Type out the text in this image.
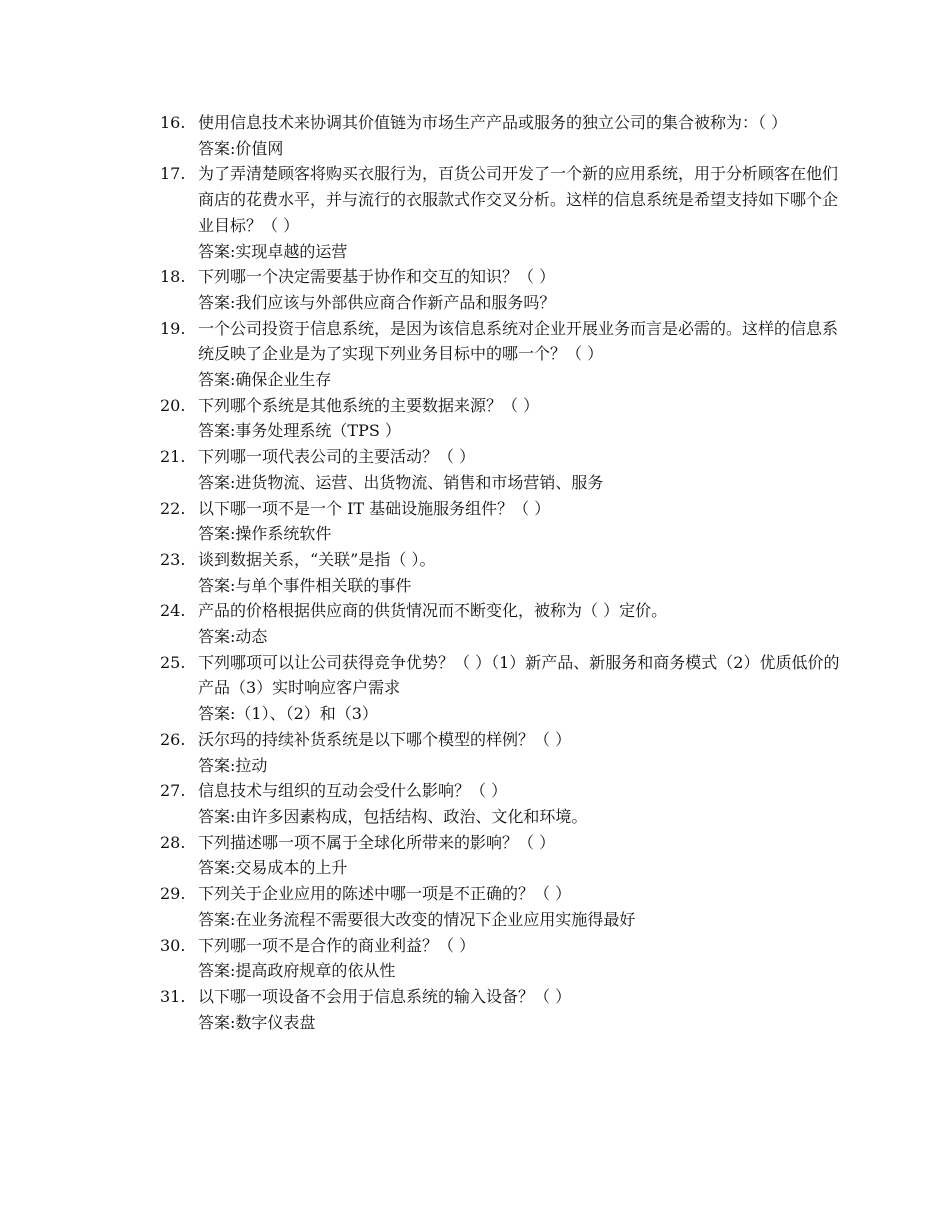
16. 使用信息技术来协调其价值链为市场生产产品或服务的独立公司的集合被称为：（ ）
答案:价值网
17. 为了弄清楚顾客将购买衣服行为，百货公司开发了一个新的应用系统，用于分析顾客在他们商店的花费水平，并与流行的衣服款式作交叉分析。这样的信息系统是希望支持如下哪个企业目标？（ ）
答案:实现卓越的运营
18. 下列哪一个决定需要基于协作和交互的知识？（ ）
答案:我们应该与外部供应商合作新产品和服务吗？
19. 一个公司投资于信息系统，是因为该信息系统对企业开展业务而言是必需的。这样的信息系统反映了企业是为了实现下列业务目标中的哪一个？（ ）
答案:确保企业生存
20. 下列哪个系统是其他系统的主要数据来源？（ ）
答案:事务处理系统（TPS ）
21. 下列哪一项代表公司的主要活动？（ ）
答案:进货物流、运营、出货物流、销售和市场营销、服务
22. 以下哪一项不是一个 IT 基础设施服务组件？（ ）
答案:操作系统软件
23. 谈到数据关系，“关联”是指（ ）。
答案:与单个事件相关联的事件
24. 产品的价格根据供应商的供货情况而不断变化，被称为（ ）定价。
答案:动态
25. 下列哪项可以让公司获得竞争优势？（ ）（1）新产品、新服务和商务模式（2）优质低价的产品（3）实时响应客户需求
答案:（1）、（2）和（3）
26. 沃尔玛的持续补货系统是以下哪个模型的样例？（ ）
答案:拉动
27. 信息技术与组织的互动会受什么影响？（ ）
答案:由许多因素构成，包括结构、政治、文化和环境。
28. 下列描述哪一项不属于全球化所带来的影响？（ ）
答案:交易成本的上升
29. 下列关于企业应用的陈述中哪一项是不正确的？（ ）
答案:在业务流程不需要很大改变的情况下企业应用实施得最好
30. 下列哪一项不是合作的商业利益？（ ）
答案:提高政府规章的依从性
31. 以下哪一项设备不会用于信息系统的输入设备？（ ）
答案:数字仪表盘
